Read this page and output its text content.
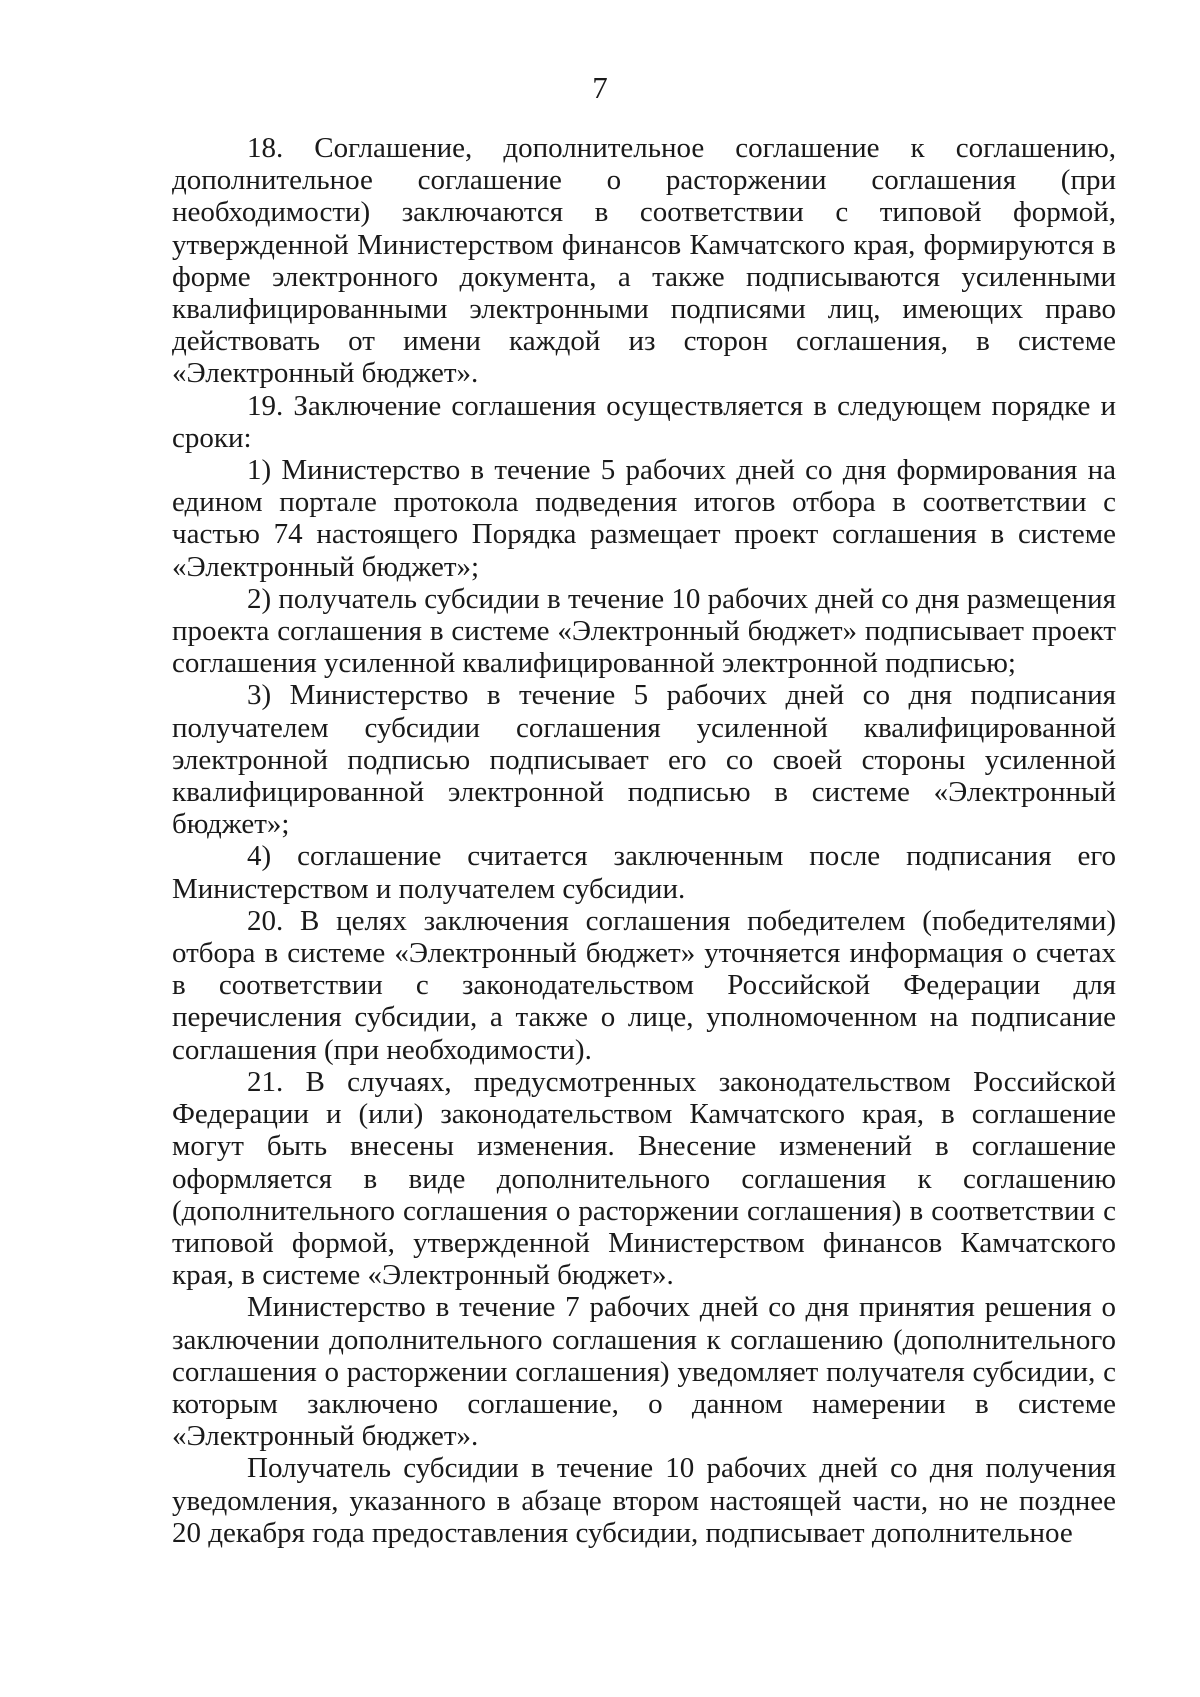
7

18. Соглашение, дополнительное соглашение к соглашению, дополнительное соглашение о расторжении соглашения (при необходимости) заключаются в соответствии с типовой формой, утвержденной Министерством финансов Камчатского края, формируются в форме электронного документа, а также подписываются усиленными квалифицированными электронными подписями лиц, имеющих право действовать от имени каждой из сторон соглашения, в системе «Электронный бюджет».

19. Заключение соглашения осуществляется в следующем порядке и сроки:

1) Министерство в течение 5 рабочих дней со дня формирования на едином портале протокола подведения итогов отбора в соответствии с частью 74 настоящего Порядка размещает проект соглашения в системе «Электронный бюджет»;

2) получатель субсидии в течение 10 рабочих дней со дня размещения проекта соглашения в системе «Электронный бюджет» подписывает проект соглашения усиленной квалифицированной электронной подписью;

3) Министерство в течение 5 рабочих дней со дня подписания получателем субсидии соглашения усиленной квалифицированной электронной подписью подписывает его со своей стороны усиленной квалифицированной электронной подписью в системе «Электронный бюджет»;

4) соглашение считается заключенным после подписания его Министерством и получателем субсидии.

20. В целях заключения соглашения победителем (победителями) отбора в системе «Электронный бюджет» уточняется информация о счетах в соответствии с законодательством Российской Федерации для перечисления субсидии, а также о лице, уполномоченном на подписание соглашения (при необходимости).

21. В случаях, предусмотренных законодательством Российской Федерации и (или) законодательством Камчатского края, в соглашение могут быть внесены изменения. Внесение изменений в соглашение оформляется в виде дополнительного соглашения к соглашению (дополнительного соглашения о расторжении соглашения) в соответствии с типовой формой, утвержденной Министерством финансов Камчатского края, в системе «Электронный бюджет».

Министерство в течение 7 рабочих дней со дня принятия решения о заключении дополнительного соглашения к соглашению (дополнительного соглашения о расторжении соглашения) уведомляет получателя субсидии, с которым заключено соглашение, о данном намерении в системе «Электронный бюджет».

Получатель субсидии в течение 10 рабочих дней со дня получения уведомления, указанного в абзаце втором настоящей части, но не позднее 20 декабря года предоставления субсидии, подписывает дополнительное
